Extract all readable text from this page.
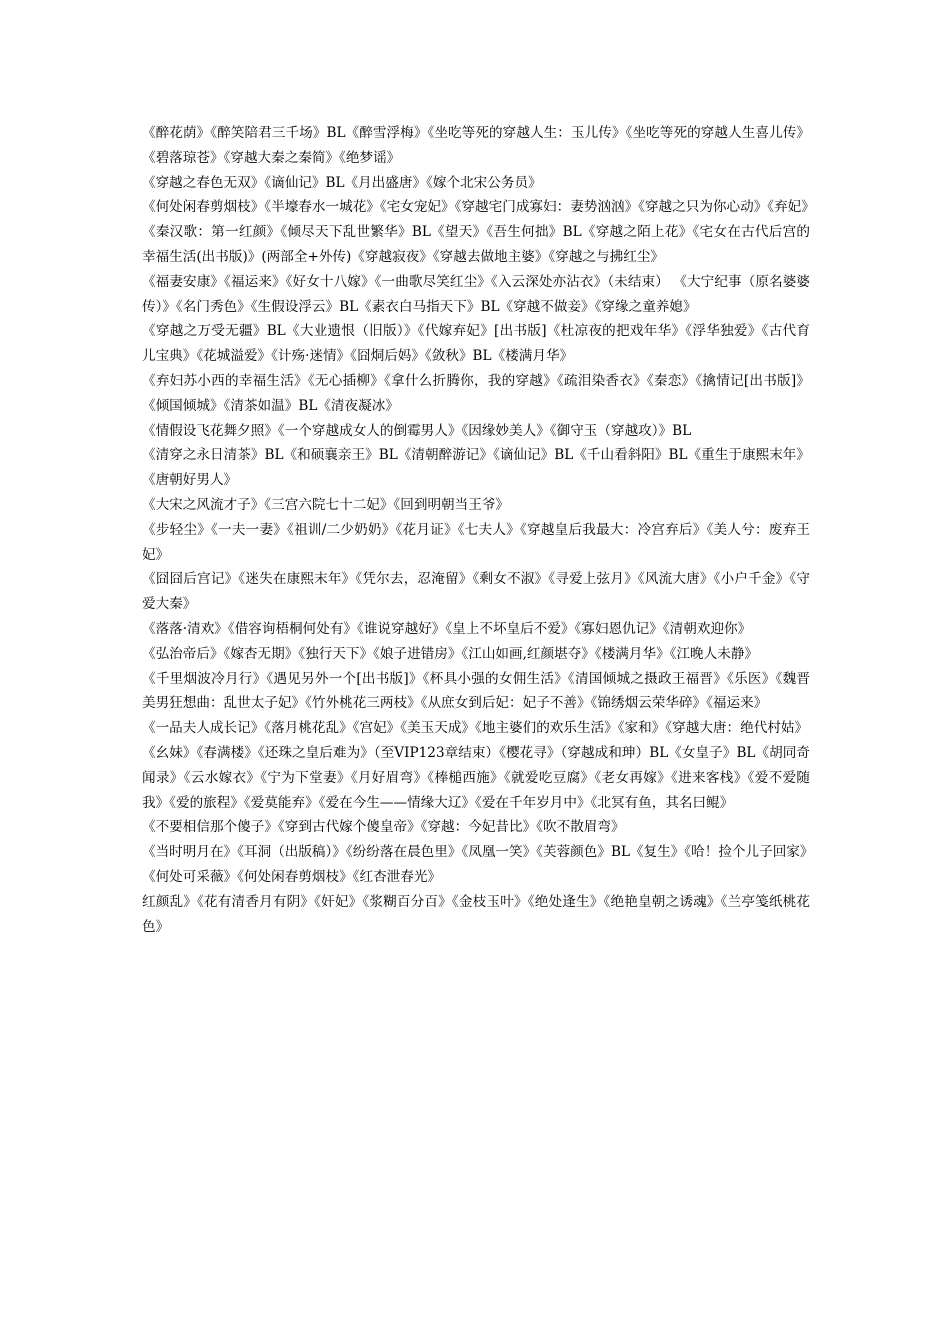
《醉花荫》《醉笑陪君三千场》BL《醉雪浮梅》《坐吃等死的穿越人生：玉儿传》《坐吃等死的穿越人生喜儿传》《碧落琼苍》《穿越大秦之秦简》《绝梦谣》

《穿越之春色无双》《谪仙记》BL《月出盛唐》《嫁个北宋公务员》

《何处闲春剪烟枝》《半壕春水一城花》《宅女宠妃》《穿越宅门成寡妇：妻势汹汹》《穿越之只为你心动》《弃妃》

《秦汉歌：第一红颜》《倾尽天下乱世繁华》BL《望天》《吾生何拙》BL《穿越之陌上花》《宅女在古代后宫的幸福生活(出书版)》(两部全+外传)《穿越寂夜》《穿越去做地主婆》《穿越之与拂红尘》

《福妻安康》《福运来》《好女十八嫁》《一曲歌尽笑红尘》《入云深处亦沾衣》（未结束） 《大宁纪事（原名婆婆传）》《名门秀色》《生假设浮云》BL《素衣白马指天下》BL《穿越不做妾》《穿缘之童养媳》

《穿越之万受无疆》BL《大业遗恨（旧版）》《代嫁弃妃》[出书版]《杜凉夜的把戏年华》《浮华独爱》《古代育儿宝典》《花城溢爱》《计殇·迷情》《囧烔后妈》《敛秋》BL《楼满月华》

《弃妇苏小西的幸福生活》《无心插柳》《拿什么折腾你，我的穿越》《疏泪染香衣》《秦恋》《擒情记[出书版]》《倾国倾城》《清茶如温》BL《清夜凝冰》

《情假设飞花舞夕照》《一个穿越成女人的倒霉男人》《因缘妙美人》《御守玉（穿越攻）》BL

《清穿之永日清茶》BL《和硕襄亲王》BL《清朝醉游记》《谪仙记》BL《千山看斜阳》BL《重生于康熙末年》《唐朝好男人》

《大宋之风流才子》《三宫六院七十二妃》《回到明朝当王爷》

《步轻尘》《一夫一妻》《祖训/二少奶奶》《花月证》《七夫人》《穿越皇后我最大：冷宫弃后》《美人兮：废弃王妃》

《囧囧后宫记》《迷失在康熙末年》《凭尔去，忍淹留》《剩女不淑》《寻爱上弦月》《风流大唐》《小户千金》《守爱大秦》

《落落·清欢》《借容询梧桐何处有》《谁说穿越好》《皇上不坏皇后不爱》《寡妇恩仇记》《清朝欢迎你》

《弘治帝后》《嫁杏无期》《独行天下》《娘子进错房》《江山如画,红颜堪夺》《楼满月华》《江晚人未静》

《千里烟波冷月行》《遇见另外一个[出书版]》《杯具小强的女佣生活》《清国倾城之摄政王福晋》《乐医》《魏晋美男狂想曲：乱世太子妃》《竹外桃花三两枝》《从庶女到后妃：妃子不善》《锦绣烟云荣华碎》《福运来》

《一品夫人成长记》《落月桃花乱》《宫妃》《美玉天成》《地主婆们的欢乐生活》《家和》《穿越大唐：绝代村姑》

《幺妹》《春满楼》《还珠之皇后难为》（至VIP123章结束）《樱花寻》（穿越成和珅）BL《女皇子》BL《胡同奇闻录》《云水嫁衣》《宁为下堂妻》《月好眉弯》《棒槌西施》《就爱吃豆腐》《老女再嫁》《进来客栈》《爱不爱随我》《爱的旅程》《爱莫能弃》《爱在今生——情缘大辽》《爱在千年岁月中》《北冥有鱼，其名曰鲲》

《不要相信那个傻子》《穿到古代嫁个傻皇帝》《穿越：今妃昔比》《吹不散眉弯》

《当时明月在》《耳洞（出版稿）》《纷纷落在晨色里》《凤凰一笑》《芙蓉颜色》BL《复生》《哈！捡个儿子回家》

《何处可采薇》《何处闲春剪烟枝》《红杏泄春光》

红颜乱》《花有清香月有阴》《奸妃》《浆糊百分百》《金枝玉叶》《绝处逢生》《绝艳皇朝之诱魂》《兰亭笺纸桃花色》
